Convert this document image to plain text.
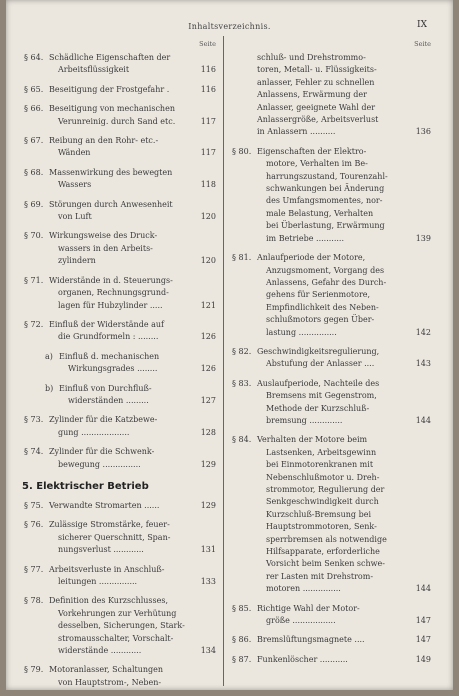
Inhaltsverzeichnis.	IX
Seite
§ 64. Schädliche Eigenschaften der
Arbeitsflüssigkeit	116
§ 65. Beseitigung der Frostgefahr .	116
§ 66. Beseitigung von mechanischen
Verunreinig. durch Sand etc.	117
§ 67. Reibung an den Rohr- etc.-
Wänden	117
§ 68. Massenwirkung des bewegten
Wassers	118
§ 69. Störungen durch Anwesenheit
von Luft	120
§ 70. Wirkungsweise des Druck-
wassers in den Arbeits-
zylindern	120
§ 71. Widerstände in d. Steuerungs-
organen, Rechnungsgrund-
lagen für Hubzylinder .....	121
§ 72. Einfluß der Widerstände auf
die Grundformeln : ........	126
a) Einfluß d. mechanischen
Wirkungsgrades ........	126
b) Einfluß von Durchfluß-
widerständen .........	127
§ 73. Zylinder für die Katzbewe-
gung ...................	128
§ 74. Zylinder für die Schwenk-
bewegung ...............	129
5. Elektrischer Betrieb
§ 75. Verwandte Stromarten ......	129
§ 76. Zulässige Stromstärke, feuer-
sicherer Querschnitt, Span-
nungsverlust ............	131
§ 77. Arbeitsverluste in Anschluß-
leitungen ...............	133
§ 78. Definition des Kurzschlusses,
Vorkehrungen zur Verhütung
desselben, Sicherungen, Stark-
stromausschalter, Vorschalt-
widerstände ............	134
§ 79. Motoranlasser, Schaltungen
von Hauptstrom-, Neben-
Seite
schluß- und Drehstrommo-
toren, Metall- u. Flüssigkeits-
anlasser, Fehler zu schnellen
Anlassens, Erwärmung der
Anlasser, geeignete Wahl der
Anlassergröße, Arbeitsverlust
in Anlassern ..........	136
§ 80. Eigenschaften der Elektro-
motore, Verhalten im Be-
harrungszustand, Tourenzahl-
schwankungen bei Änderung
des Umfangsmomentes, nor-
male Belastung, Verhalten
bei Überlastung, Erwärmung
im Betriebe ...........	139
§ 81. Anlaufperiode der Motore,
Anzugsmoment, Vorgang des
Anlassens, Gefahr des Durch-
gehens für Serienmotore,
Empfindlichkeit des Neben-
schlußmotors gegen Über-
lastung ...............	142
§ 82. Geschwindigkeitsregulierung,
Abstufung der Anlasser ....	143
§ 83. Auslaufperiode, Nachteile des
Bremsens mit Gegenstrom,
Methode der Kurzschluß-
bremsung .............	144
§ 84. Verhalten der Motore beim
Lastsenken, Arbeitsgewinn
bei Einmotorenkranen mit
Nebenschlußmotor u. Dreh-
strommotor, Regulierung der
Senkgeschwindigkeit durch
Kurzschluß-Bremsung bei
Hauptstrommotoren, Senk-
sperrbremsen als notwendige
Hilfsapparate, erforderliche
Vorsicht beim Senken schwe-
rer Lasten mit Drehstrom-
motoren ...............	144
§ 85. Richtige Wahl der Motor-
größe .................	147
§ 86. Bremslüftungsmagnete ....	147
§ 87. Funkenlöscher ...........	149
